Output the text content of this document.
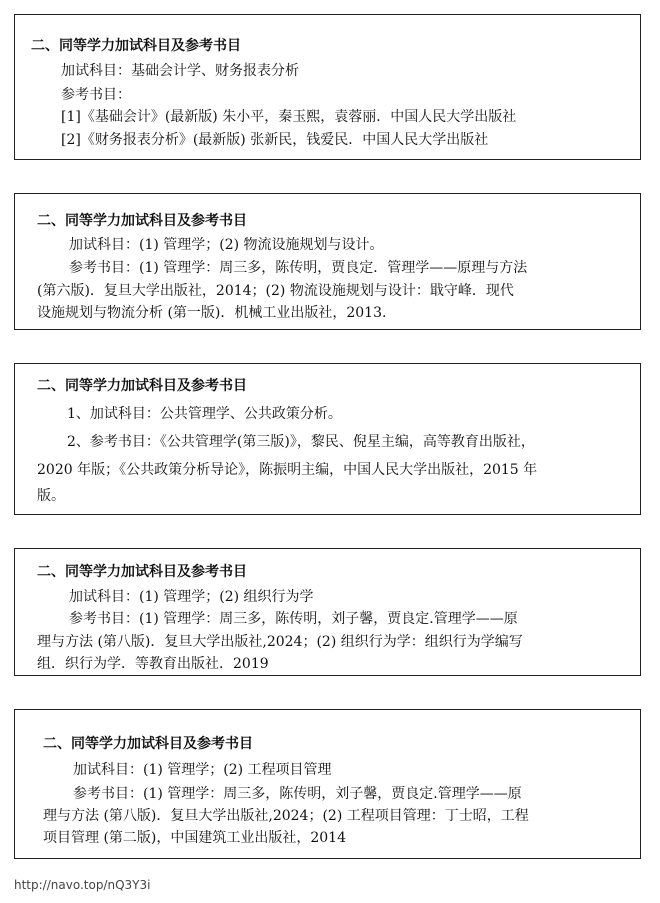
二、同等学力加试科目及参考书目
加试科目：基础会计学、财务报表分析
参考书目：
[1]《基础会计》(最新版) 朱小平，秦玉熙，袁蓉丽．中国人民大学出版社
[2]《财务报表分析》(最新版) 张新民，钱爱民．中国人民大学出版社
二、同等学力加试科目及参考书目
加试科目：(1) 管理学；(2) 物流设施规划与设计。
参考书目：(1) 管理学：周三多，陈传明，贾良定．管理学——原理与方法
(第六版)．复旦大学出版社，2014；(2) 物流设施规划与设计：戢守峰．现代
设施规划与物流分析 (第一版)．机械工业出版社，2013.
二、同等学力加试科目及参考书目
1、加试科目：公共管理学、公共政策分析。
2、参考书目：《公共管理学(第三版)》，黎民、倪星主编，高等教育出版社，
2020 年版；《公共政策分析导论》，陈振明主编，中国人民大学出版社，2015 年
版。
二、同等学力加试科目及参考书目
加试科目：(1) 管理学；(2) 组织行为学
参考书目：(1) 管理学：周三多，陈传明，刘子馨，贾良定.管理学——原
理与方法 (第八版)．复旦大学出版社,2024；(2) 组织行为学：组织行为学编写
组．织行为学．等教育出版社．2019
二、同等学力加试科目及参考书目
加试科目：(1) 管理学；(2) 工程项目管理
参考书目：(1) 管理学：周三多，陈传明，刘子馨，贾良定.管理学——原
理与方法 (第八版)．复旦大学出版社,2024；(2) 工程项目管理：丁士昭，工程
项目管理 (第二版)，中国建筑工业出版社，2014
http://navo.top/nQ3Y3i
